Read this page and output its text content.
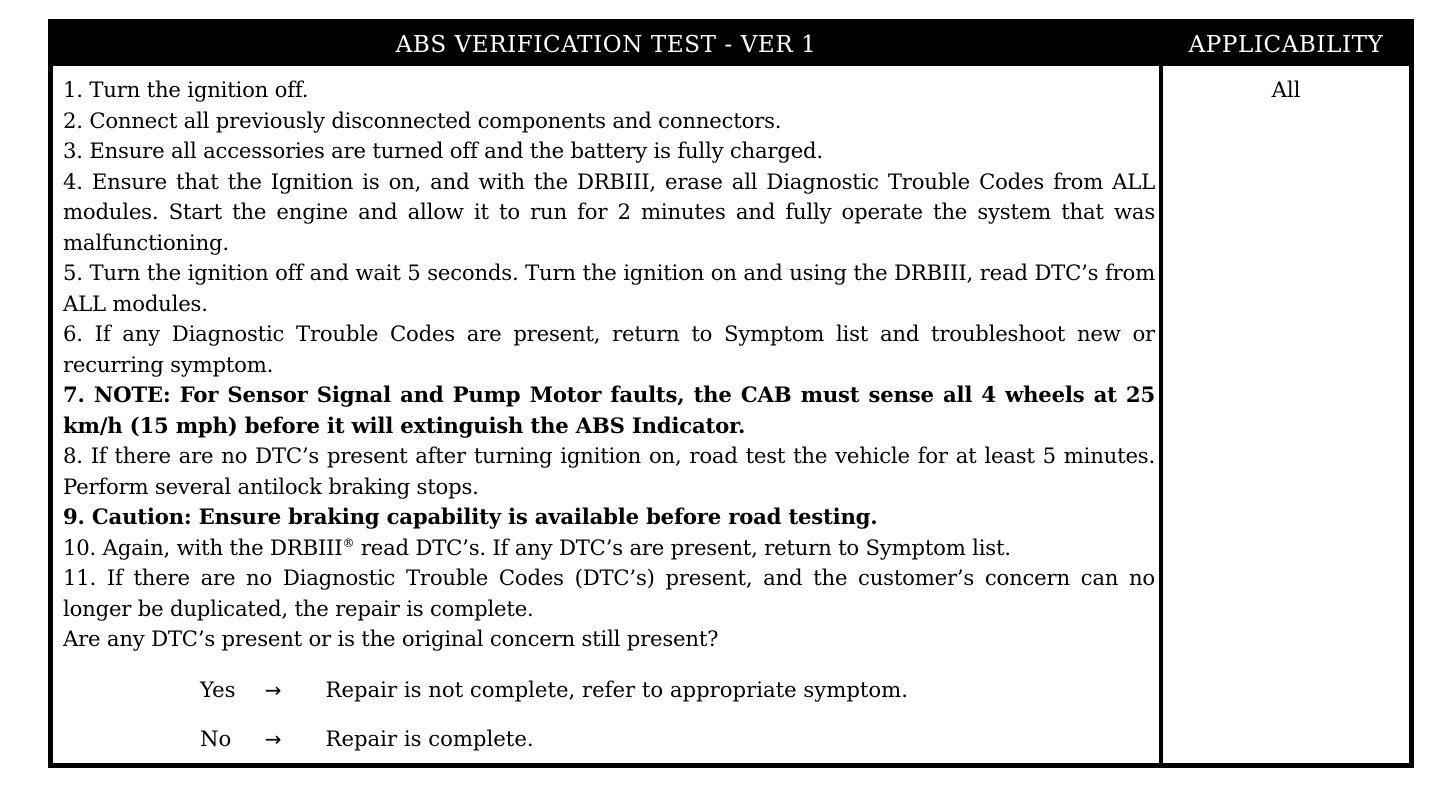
ABS VERIFICATION TEST - VER 1	APPLICABILITY
1. Turn the ignition off.
2. Connect all previously disconnected components and connectors.
3. Ensure all accessories are turned off and the battery is fully charged.
4. Ensure that the Ignition is on, and with the DRBIII, erase all Diagnostic Trouble Codes from ALL modules. Start the engine and allow it to run for 2 minutes and fully operate the system that was malfunctioning.
5. Turn the ignition off and wait 5 seconds. Turn the ignition on and using the DRBIII, read DTC’s from ALL modules.
6. If any Diagnostic Trouble Codes are present, return to Symptom list and troubleshoot new or recurring symptom.
7. NOTE: For Sensor Signal and Pump Motor faults, the CAB must sense all 4 wheels at 25 km/h (15 mph) before it will extinguish the ABS Indicator.
8. If there are no DTC’s present after turning ignition on, road test the vehicle for at least 5 minutes. Perform several antilock braking stops.
9. Caution: Ensure braking capability is available before road testing.
10. Again, with the DRBIII® read DTC’s. If any DTC’s are present, return to Symptom list.
11. If there are no Diagnostic Trouble Codes (DTC’s) present, and the customer’s concern can no longer be duplicated, the repair is complete.
Are any DTC’s present or is the original concern still present?
Yes → Repair is not complete, refer to appropriate symptom.
No → Repair is complete.
All
